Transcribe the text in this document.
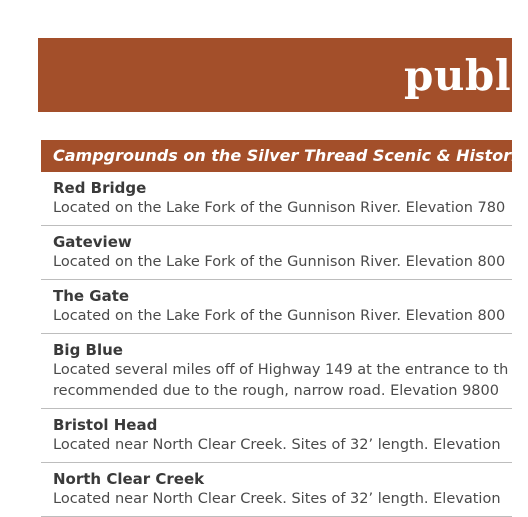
publi
Campgrounds on the Silver Thread Scenic & Historic
Red Bridge
Located on the Lake Fork of the Gunnison River. Elevation 780
Gateview
Located on the Lake Fork of the Gunnison River. Elevation 800
The Gate
Located on the Lake Fork of the Gunnison River. Elevation 800
Big Blue
Located several miles off of Highway 149 at the entrance to th
recommended due to the rough, narrow road. Elevation 9800
Bristol Head
Located near North Clear Creek. Sites of 32’ length. Elevation
North Clear Creek
Located near North Clear Creek. Sites of 32’ length. Elevation
